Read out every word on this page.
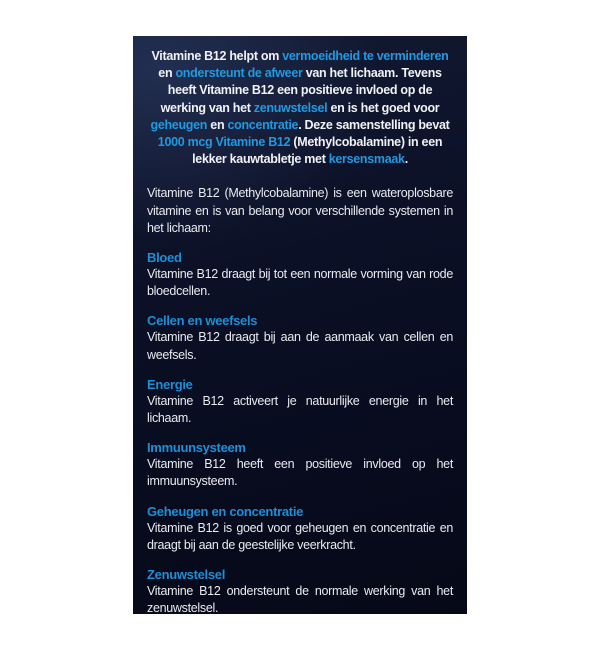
Vitamine B12 helpt om vermoeidheid te verminderen en ondersteunt de afweer van het lichaam. Tevens heeft Vitamine B12 een positieve invloed op de werking van het zenuwstelsel en is het goed voor geheugen en concentratie. Deze samenstelling bevat 1000 mcg Vitamine B12 (Methylcobalamine) in een lekker kauwtabletje met kersensmaak.

Vitamine B12 (Methylcobalamine) is een wateroplosbare vitamine en is van belang voor verschillende systemen in het lichaam:

Bloed

Vitamine B12 draagt bij tot een normale vorming van rode bloedcellen.

Cellen en weefsels

Vitamine B12 draagt bij aan de aanmaak van cellen en weefsels.

Energie

Vitamine B12 activeert je natuurlijke energie in het lichaam.

Immuunsysteem

Vitamine B12 heeft een positieve invloed op het immuunsysteem.

Geheugen en concentratie

Vitamine B12 is goed voor geheugen en concentratie en draagt bij aan de geestelijke veerkracht.

Zenuwstelsel

Vitamine B12 ondersteunt de normale werking van het zenuwstelsel.
